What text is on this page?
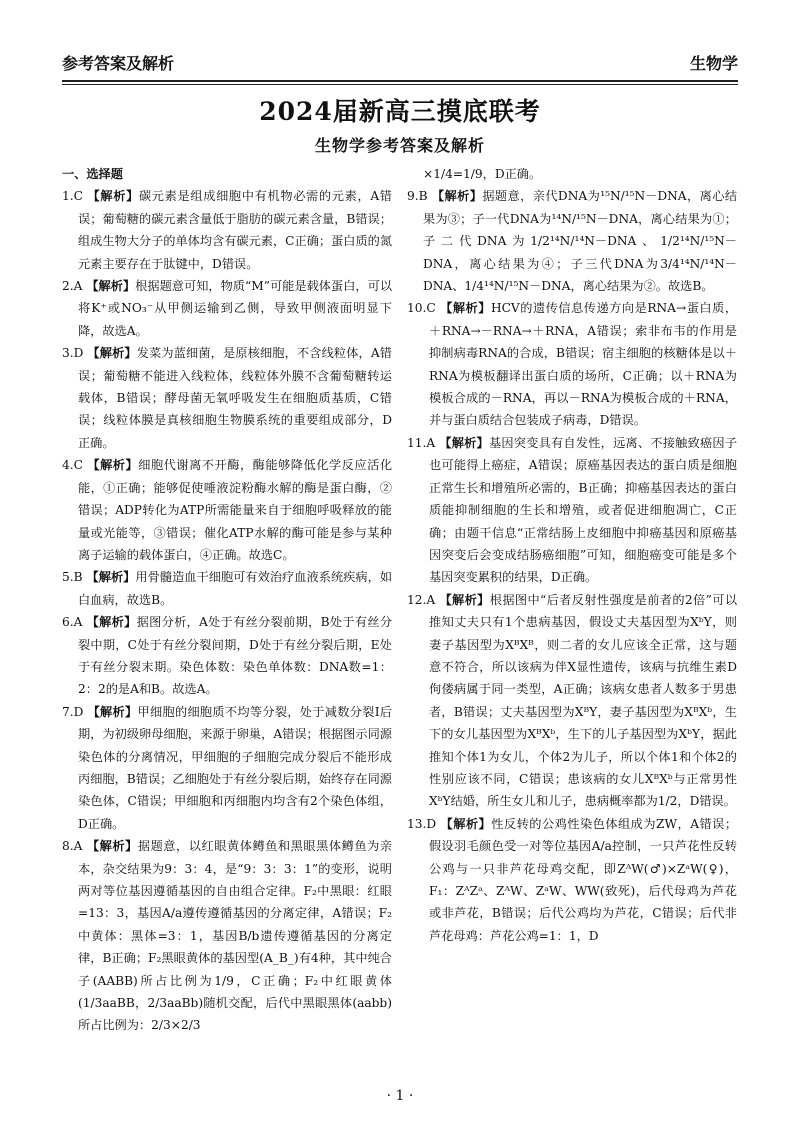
参考答案及解析	生物学
2024届新高三摸底联考
生物学参考答案及解析
一、选择题
1.C 【解析】碳元素是组成细胞中有机物必需的元素，A错误；葡萄糖的碳元素含量低于脂肪的碳元素含量，B错误；组成生物大分子的单体均含有碳元素，C正确；蛋白质的氮元素主要存在于肽键中，D错误。
2.A 【解析】根据题意可知，物质“M”可能是载体蛋白，可以将K⁺或NO₃⁻从甲侧运输到乙侧，导致甲侧液面明显下降，故选A。
3.D 【解析】发菜为蓝细菌，是原核细胞，不含线粒体，A错误；葡萄糖不能进入线粒体，线粒体外膜不含葡萄糖转运载体，B错误；酵母菌无氧呼吸发生在细胞质基质，C错误；线粒体膜是真核细胞生物膜系统的重要组成部分，D正确。
4.C 【解析】细胞代谢离不开酶，酶能够降低化学反应活化能，①正确；能够促使唾液淀粉酶水解的酶是蛋白酶，②错误；ADP转化为ATP所需能量来自于细胞呼吸释放的能量或光能等，③错误；催化ATP水解的酶可能是参与某种离子运输的载体蛋白，④正确。故选C。
5.B 【解析】用骨髓造血干细胞可有效治疗血液系统疾病，如白血病，故选B。
6.A 【解析】据图分析，A处于有丝分裂前期，B处于有丝分裂中期，C处于有丝分裂间期，D处于有丝分裂后期，E处于有丝分裂末期。染色体数：染色单体数：DNA数=1：2：2的是A和B。故选A。
7.D 【解析】甲细胞的细胞质不均等分裂，处于减数分裂Ⅰ后期，为初级卵母细胞，来源于卵巢，A错误；根据图示同源染色体的分离情况，甲细胞的子细胞完成分裂后不能形成丙细胞，B错误；乙细胞处于有丝分裂后期，始终存在同源染色体，C错误；甲细胞和丙细胞内均含有2个染色体组，D正确。
8.A 【解析】据题意，以红眼黄体鳟鱼和黑眼黑体鳟鱼为亲本，杂交结果为9：3：4，是“9：3：3：1”的变形，说明两对等位基因遵循基因的自由组合定律。F₂中黑眼：红眼=13：3，基因A/a遵传遵循基因的分离定律，A错误；F₂中黄体：黑体=3：1，基因B/b遗传遵循基因的分离定律，B正确；F₂黑眼黄体的基因型(A_B_)有4种，其中纯合子(AABB)所占比例为1/9，C正确；F₂中红眼黄体(1/3aaBB，2/3aaBb)随机交配，后代中黑眼黑体(aabb)所占比例为：2/3×2/3
×1/4=1/9，D正确。
9.B 【解析】据题意，亲代DNA为¹⁵N/¹⁵N－DNA，离心结果为③；子一代DNA为¹⁴N/¹⁵N－DNA，离心结果为①；子二代DNA为1/2¹⁴N/¹⁴N－DNA、1/2¹⁴N/¹⁵N－DNA，离心结果为④；子三代DNA为3/4¹⁴N/¹⁴N－DNA、1/4¹⁴N/¹⁵N－DNA，离心结果为②。故选B。
10.C 【解析】HCV的遗传信息传递方向是RNA→蛋白质，＋RNA→－RNA→＋RNA，A错误；索非布韦的作用是抑制病毒RNA的合成，B错误；宿主细胞的核糖体是以＋RNA为模板翻译出蛋白质的场所，C正确；以＋RNA为模板合成的－RNA，再以－RNA为模板合成的＋RNA，并与蛋白质结合包装成子病毒，D错误。
11.A 【解析】基因突变具有自发性，远离、不接触致癌因子也可能得上癌症，A错误；原癌基因表达的蛋白质是细胞正常生长和增殖所必需的，B正确；抑癌基因表达的蛋白质能抑制细胞的生长和增殖，或者促进细胞凋亡，C正确；由题干信息“正常结肠上皮细胞中抑癌基因和原癌基因突变后会变成结肠癌细胞”可知，细胞癌变可能是多个基因突变累积的结果，D正确。
12.A 【解析】根据图中“后者反射性强度是前者的2倍”可以推知丈夫只有1个患病基因，假设丈夫基因型为XᵇY，则妻子基因型为XᴮXᴮ，则二者的女儿应该全正常，这与题意不符合，所以该病为伴X显性遗传，该病与抗维生素D佝偻病属于同一类型，A正确；该病女患者人数多于男患者，B错误；丈夫基因型为XᴮY，妻子基因型为XᴮXᵇ，生下的女儿基因型为XᴮXᵇ，生下的儿子基因型为XᵇY，据此推知个体1为女儿，个体2为儿子，所以个体1和个体2的性别应该不同，C错误；患该病的女儿XᴮXᵇ与正常男性XᵇY结婚，所生女儿和儿子，患病概率都为1/2，D错误。
13.D 【解析】性反转的公鸡性染色体组成为ZW，A错误；假设羽毛颜色受一对等位基因A/a控制，一只芦花性反转公鸡与一只非芦花母鸡交配，即ZᴬW(♂)×ZᵃW(♀)，F₁：ZᴬZᵃ、ZᴬW、ZᵃW、WW(致死)，后代母鸡为芦花或非芦花，B错误；后代公鸡均为芦花，C错误；后代非芦花母鸡：芦花公鸡=1：1，D
· 1 ·
